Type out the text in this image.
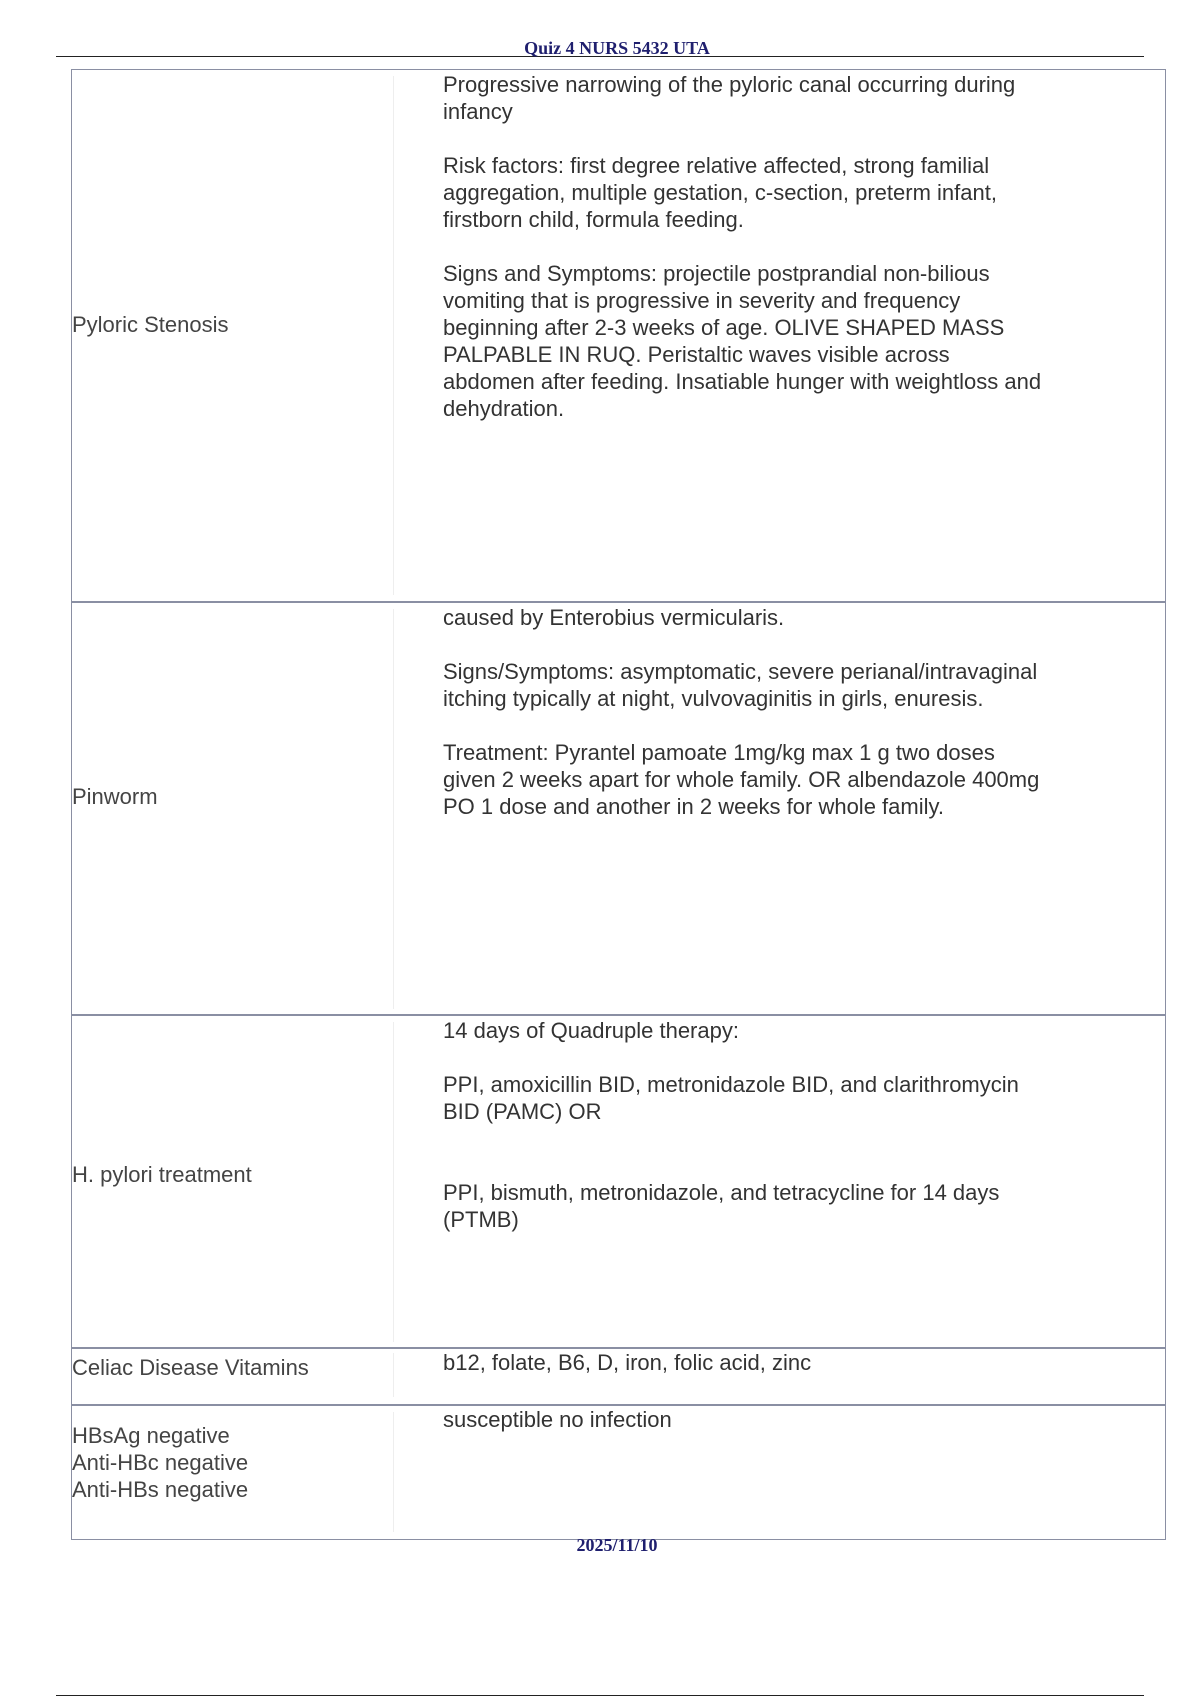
Quiz 4 NURS 5432 UTA
Pyloric Stenosis

Progressive narrowing of the pyloric canal occurring during infancy

Risk factors: first degree relative affected, strong familial aggregation, multiple gestation, c-section, preterm infant, firstborn child, formula feeding.

Signs and Symptoms: projectile postprandial non-bilious vomiting that is progressive in severity and frequency beginning after 2-3 weeks of age. OLIVE SHAPED MASS PALPABLE IN RUQ. Peristaltic waves visible across abdomen after feeding. Insatiable hunger with weightloss and dehydration.

Pinworm

caused by Enterobius vermicularis.

Signs/Symptoms: asymptomatic, severe perianal/intravaginal itching typically at night, vulvovaginitis in girls, enuresis.

Treatment: Pyrantel pamoate 1mg/kg max 1 g two doses given 2 weeks apart for whole family. OR albendazole 400mg PO 1 dose and another in 2 weeks for whole family.

H. pylori treatment

14 days of Quadruple therapy:

PPI, amoxicillin BID, metronidazole BID, and clarithromycin BID (PAMC) OR

PPI, bismuth, metronidazole, and tetracycline for 14 days (PTMB)

Celiac Disease Vitamins	b12, folate, B6, D, iron, folic acid, zinc

HBsAg negative
Anti-HBc negative
Anti-HBs negative

susceptible no infection

2025/11/10
